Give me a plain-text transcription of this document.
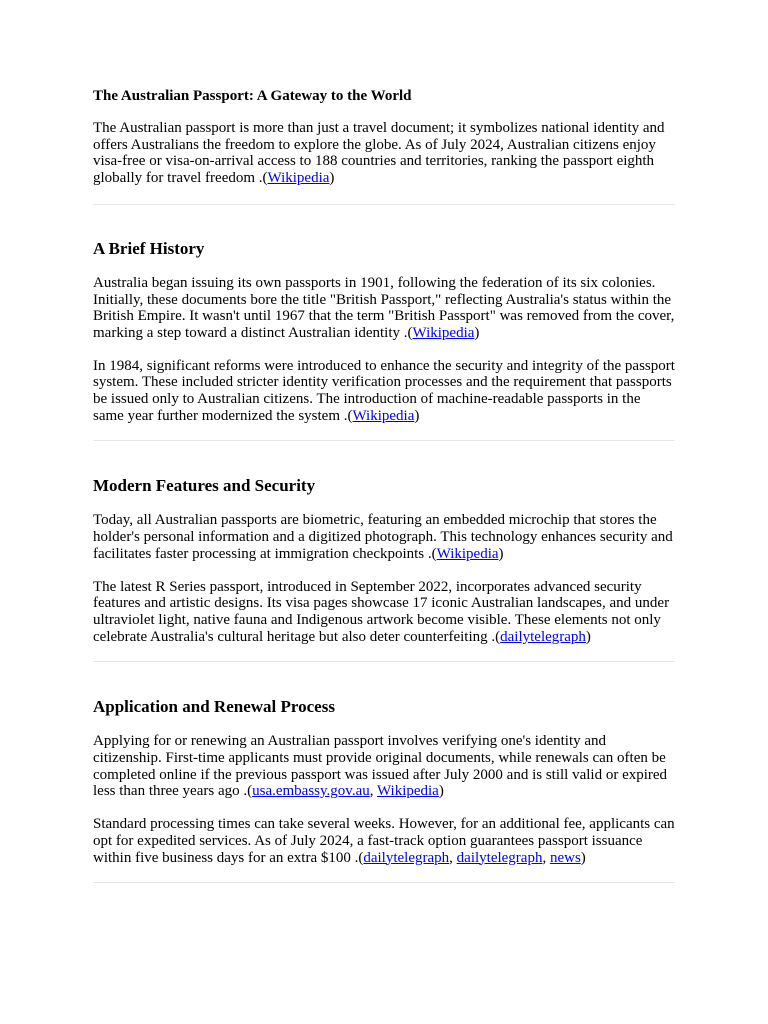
The Australian Passport: A Gateway to the World

The Australian passport is more than just a travel document; it symbolizes national identity and offers Australians the freedom to explore the globe. As of July 2024, Australian citizens enjoy visa-free or visa-on-arrival access to 188 countries and territories, ranking the passport eighth globally for travel freedom .(Wikipedia)

A Brief History

Australia began issuing its own passports in 1901, following the federation of its six colonies. Initially, these documents bore the title "British Passport," reflecting Australia's status within the British Empire. It wasn't until 1967 that the term "British Passport" was removed from the cover, marking a step toward a distinct Australian identity .(Wikipedia)

In 1984, significant reforms were introduced to enhance the security and integrity of the passport system. These included stricter identity verification processes and the requirement that passports be issued only to Australian citizens. The introduction of machine-readable passports in the same year further modernized the system .(Wikipedia)

Modern Features and Security

Today, all Australian passports are biometric, featuring an embedded microchip that stores the holder's personal information and a digitized photograph. This technology enhances security and facilitates faster processing at immigration checkpoints .(Wikipedia)

The latest R Series passport, introduced in September 2022, incorporates advanced security features and artistic designs. Its visa pages showcase 17 iconic Australian landscapes, and under ultraviolet light, native fauna and Indigenous artwork become visible. These elements not only celebrate Australia's cultural heritage but also deter counterfeiting .(dailytelegraph)

Application and Renewal Process

Applying for or renewing an Australian passport involves verifying one's identity and citizenship. First-time applicants must provide original documents, while renewals can often be completed online if the previous passport was issued after July 2000 and is still valid or expired less than three years ago .(usa.embassy.gov.au, Wikipedia)

Standard processing times can take several weeks. However, for an additional fee, applicants can opt for expedited services. As of July 2024, a fast-track option guarantees passport issuance within five business days for an extra $100 .(dailytelegraph, dailytelegraph, news)
